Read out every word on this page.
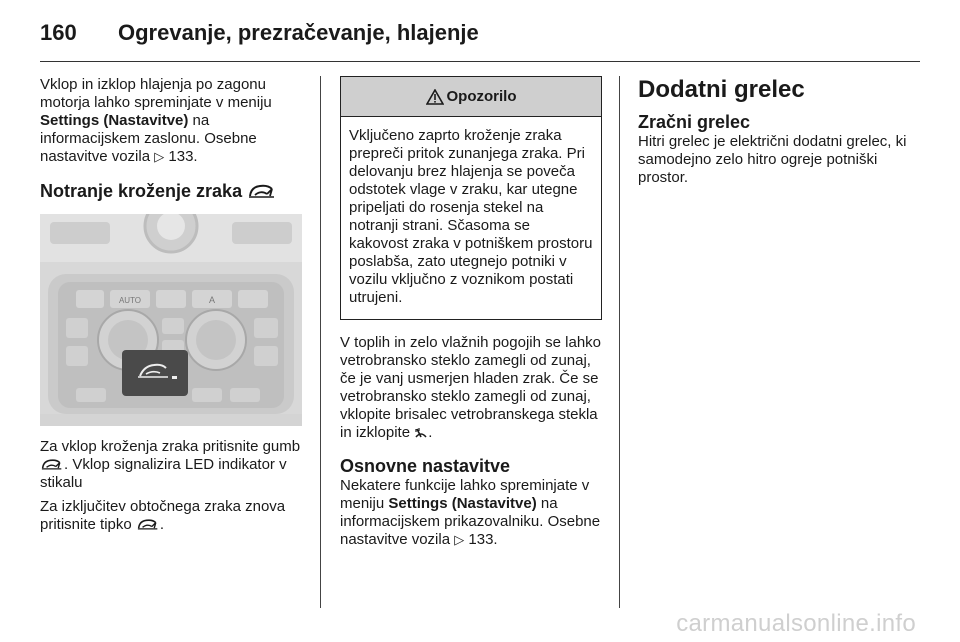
160	Ogrevanje, prezračevanje, hlajenje

Vklop in izklop hlajenja po zagonu motorja lahko spreminjate v meniju Settings (Nastavitve) na informacijskem zaslonu. Osebne nastavitve vozila ▷ 133.

Notranje kroženje zraka
AUTO	A

Za vklop kroženja zraka pritisnite gumb . Vklop signalizira LED indikator v stikalu

Za izključitev obtočnega zraka znova pritisnite tipko .

Opozorilo

Vključeno zaprto kroženje zraka prepreči pritok zunanjega zraka. Pri delovanju brez hlajenja se poveča odstotek vlage v zraku, kar utegne pripeljati do rosenja stekel na notranji strani. Sčasoma se kakovost zraka v potniškem prostoru poslabša, zato utegnejo potniki v vozilu vključno z voznikom postati utrujeni.

V toplih in zelo vlažnih pogojih se lahko vetrobransko steklo zamegli od zunaj, če je vanj usmerjen hladen zrak. Če se vetrobransko steklo zamegli od zunaj, vklopite brisalec vetrobranskega stekla in izklopite .

Osnovne nastavitve

Nekatere funkcije lahko spreminjate v meniju Settings (Nastavitve) na informacijskem prikazovalniku. Osebne nastavitve vozila ▷ 133.

Dodatni grelec
Zračni grelec

Hitri grelec je električni dodatni grelec, ki samodejno zelo hitro ogreje potniški prostor.

carmanualsonline.info
